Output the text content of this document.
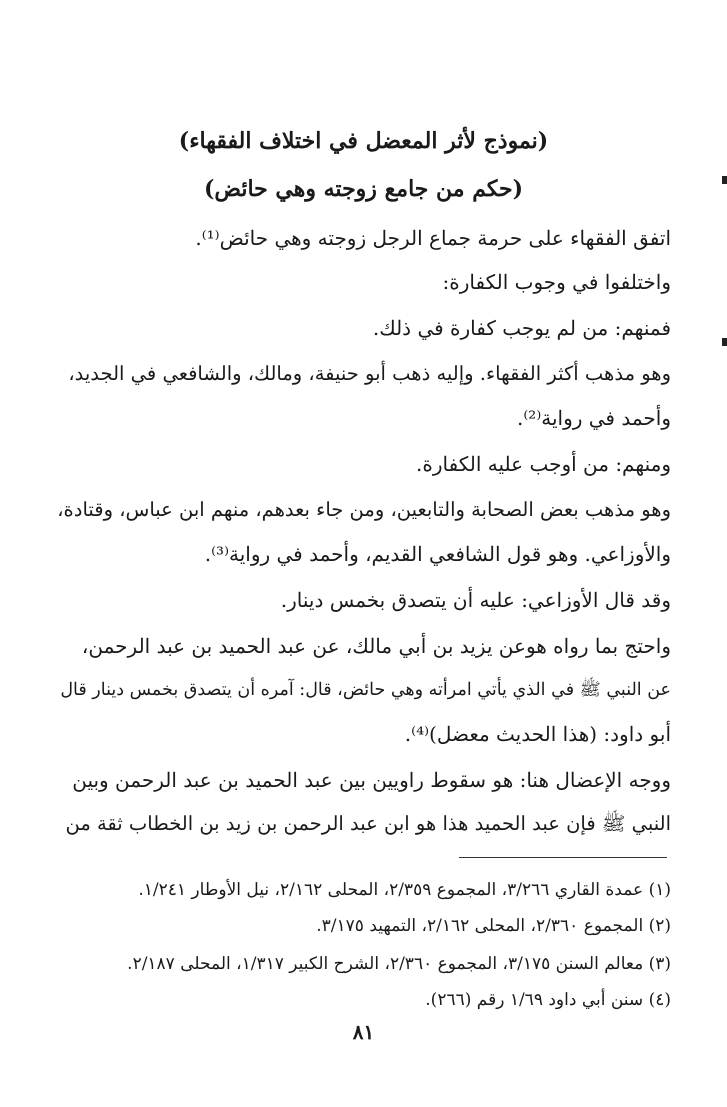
(نموذج لأثر المعضل في اختلاف الفقهاء)
(حكم من جامع زوجته وهي حائض)
اتفق الفقهاء على حرمة جماع الرجل زوجته وهي حائض⁽¹⁾.
واختلفوا في وجوب الكفارة:
فمنهم: من لم يوجب كفارة في ذلك.
وهو مذهب أكثر الفقهاء. وإليه ذهب أبو حنيفة، ومالك، والشافعي في الجديد،
وأحمد في رواية⁽²⁾.
ومنهم: من أوجب عليه الكفارة.
وهو مذهب بعض الصحابة والتابعين، ومن جاء بعدهم، منهم ابن عباس، وقتادة،
والأوزاعي. وهو قول الشافعي القديم، وأحمد في رواية⁽³⁾.
وقد قال الأوزاعي: عليه أن يتصدق بخمس دينار.
واحتج بما رواه هوعن يزيد بن أبي مالك، عن عبد الحميد بن عبد الرحمن،
عن النبي ﷺ في الذي يأتي امرأته وهي حائض، قال: آمره أن يتصدق بخمس دينار قال
أبو داود: (هذا الحديث معضل)⁽⁴⁾.
ووجه الإعضال هنا: هو سقوط راويين بين عبد الحميد بن عبد الرحمن وبين
النبي ﷺ فإن عبد الحميد هذا هو ابن عبد الرحمن بن زيد بن الخطاب ثقة من
(١) عمدة القاري ٣/٢٦٦، المجموع ٢/٣٥٩، المحلى ٢/١٦٢، نيل الأوطار ١/٢٤١.
(٢) المجموع ٢/٣٦٠، المحلى ٢/١٦٢، التمهيد ٣/١٧٥.
(٣) معالم السنن ٣/١٧٥، المجموع ٢/٣٦٠، الشرح الكبير ١/٣١٧، المحلى ٢/١٨٧.
(٤) سنن أبي داود ١/٦٩ رقم (٢٦٦).
٨١
